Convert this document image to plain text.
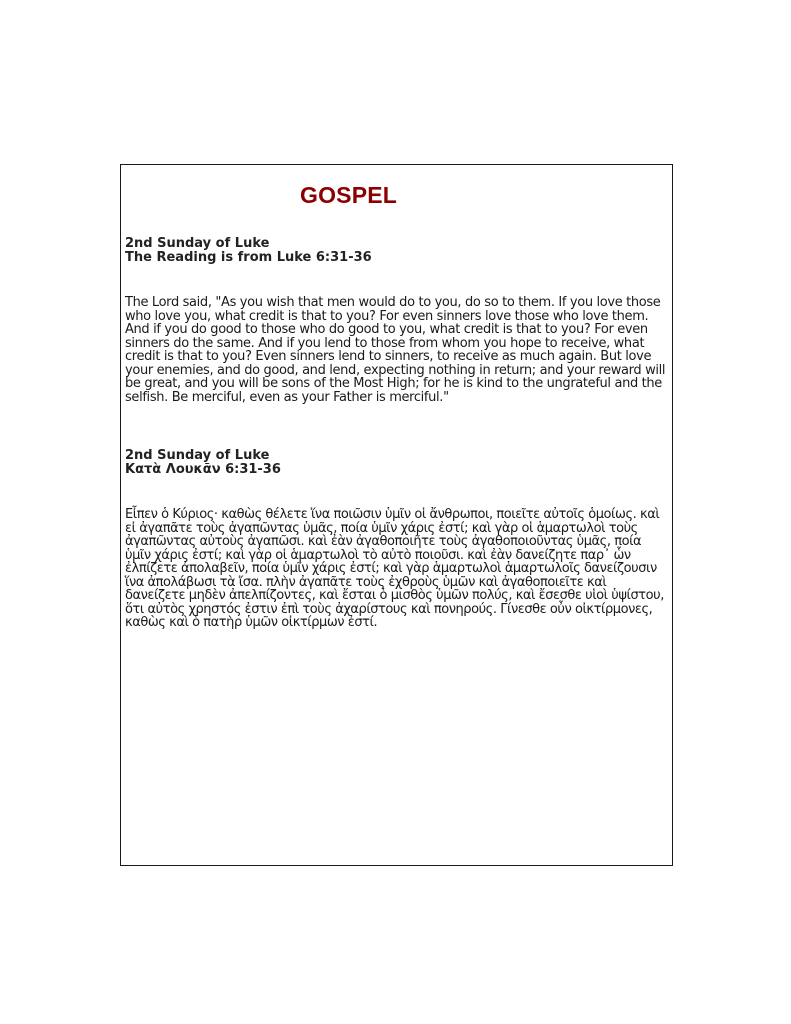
GOSPEL
2nd Sunday of Luke
The Reading is from Luke 6:31-36

The Lord said, "As you wish that men would do to you, do so to them. If you love those who love you, what credit is that to you? For even sinners love those who love them. And if you do good to those who do good to you, what credit is that to you? For even sinners do the same. And if you lend to those from whom you hope to receive, what credit is that to you? Even sinners lend to sinners, to receive as much again. But love your enemies, and do good, and lend, expecting nothing in return; and your reward will be great, and you will be sons of the Most High; for he is kind to the ungrateful and the selfish. Be merciful, even as your Father is merciful."

2nd Sunday of Luke
Κατὰ Λουκᾶν 6:31-36

Εἶπεν ὁ Κύριος· καθὼς θέλετε ἵνα ποιῶσιν ὑμῖν οἱ ἄνθρωποι, ποιεῖτε αὐτοῖς ὁμοίως. καὶ εἰ ἀγαπᾶτε τοὺς ἀγαπῶντας ὑμᾶς, ποία ὑμῖν χάρις ἐστί; καὶ γὰρ οἱ ἁμαρτωλοὶ τοὺς ἀγαπῶντας αὐτοὺς ἀγαπῶσι. καὶ ἐὰν ἀγαθοποιῆτε τοὺς ἀγαθοποιοῦντας ὑμᾶς, ποία ὑμῖν χάρις ἐστί; καὶ γὰρ οἱ ἁμαρτωλοὶ τὸ αὐτὸ ποιοῦσι. καὶ ἐὰν δανείζητε παρ᾿ ὧν ἐλπίζετε ἀπολαβεῖν, ποία ὑμῖν χάρις ἐστί; καὶ γὰρ ἁμαρτωλοὶ ἁμαρτωλοῖς δανείζουσιν ἵνα ἀπολάβωσι τὰ ἴσα. πλὴν ἀγαπᾶτε τοὺς ἐχθροὺς ὑμῶν καὶ ἀγαθοποιεῖτε καὶ δανείζετε μηδὲν ἀπελπίζοντες, καὶ ἔσται ὁ μισθὸς ὑμῶν πολύς, καὶ ἔσεσθε υἱοὶ ὑψίστου, ὅτι αὐτὸς χρηστός ἐστιν ἐπὶ τοὺς ἀχαρίστους καὶ πονηρούς. Γίνεσθε οὖν οἰκτίρμονες, καθὼς καὶ ὁ πατὴρ ὑμῶν οἰκτίρμων ἐστί.
